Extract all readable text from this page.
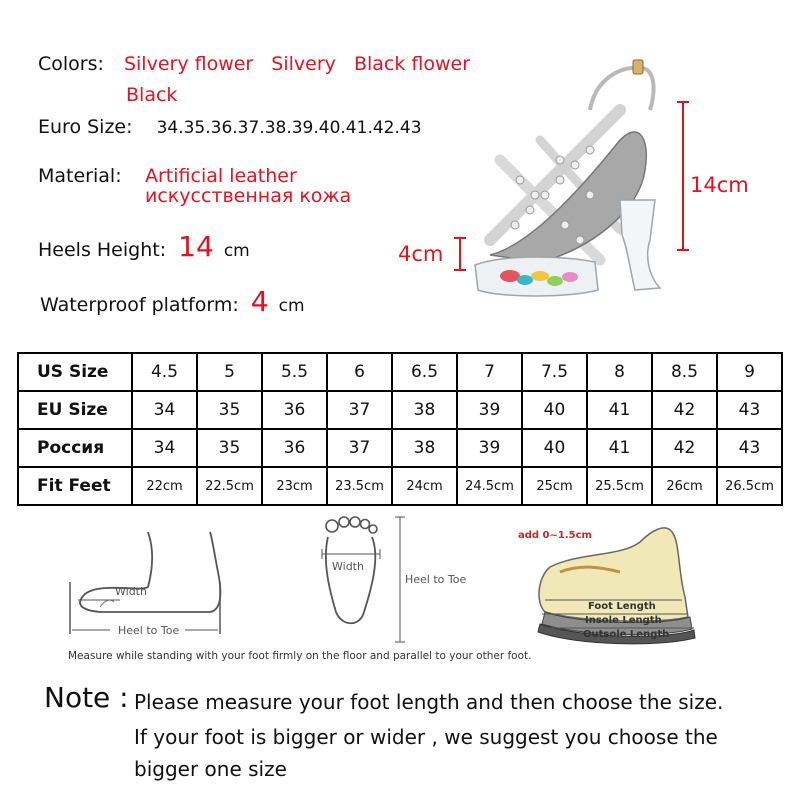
Colors: Silvery flower Silvery Black flower
Black
Euro Size: 34.35.36.37.38.39.40.41.42.43
Material: Artificial leather
искусственная кожа
Heels Height: 14 cm
Waterproof platform: 4 cm
14cm
4cm
US Size	4.5	5	5.5	6	6.5	7	7.5	8	8.5	9
EU Size	34	35	36	37	38	39	40	41	42	43
Россия	34	35	36	37	38	39	40	41	42	43
Fit Feet	22cm	22.5cm	23cm	23.5cm	24cm	24.5cm	25cm	25.5cm	26cm	26.5cm
Width
Heel to Toe
Width
Heel to Toe
add 0~1.5cm
Foot Length
Insole Length
Outsole Length
Measure while standing with your foot firmly on the floor and parallel to your other foot.
Note : Please measure your foot length and then choose the size.
If your foot is bigger or wider , we suggest you choose the
bigger one size
